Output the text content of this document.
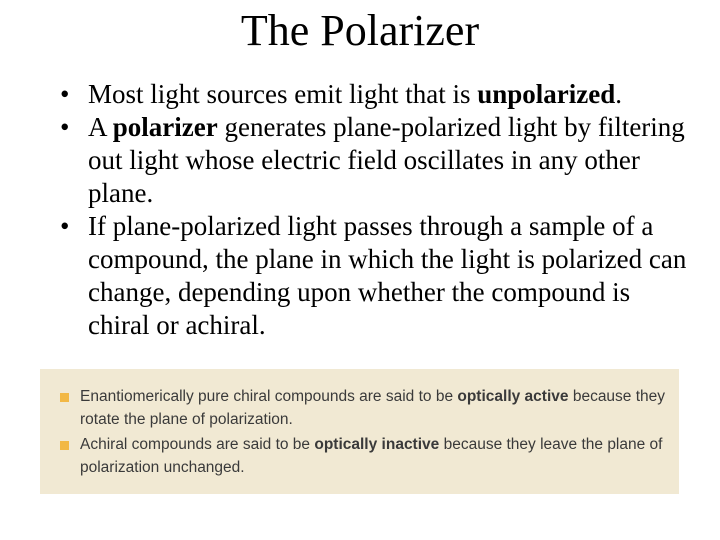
The Polarizer
• Most light sources emit light that is unpolarized.
• A polarizer generates plane-polarized light by filtering out light whose electric field oscillates in any other plane.
• If plane-polarized light passes through a sample of a compound, the plane in which the light is polarized can change, depending upon whether the compound is chiral or achiral.
Enantiomerically pure chiral compounds are said to be optically active because they rotate the plane of polarization.
Achiral compounds are said to be optically inactive because they leave the plane of polarization unchanged.
